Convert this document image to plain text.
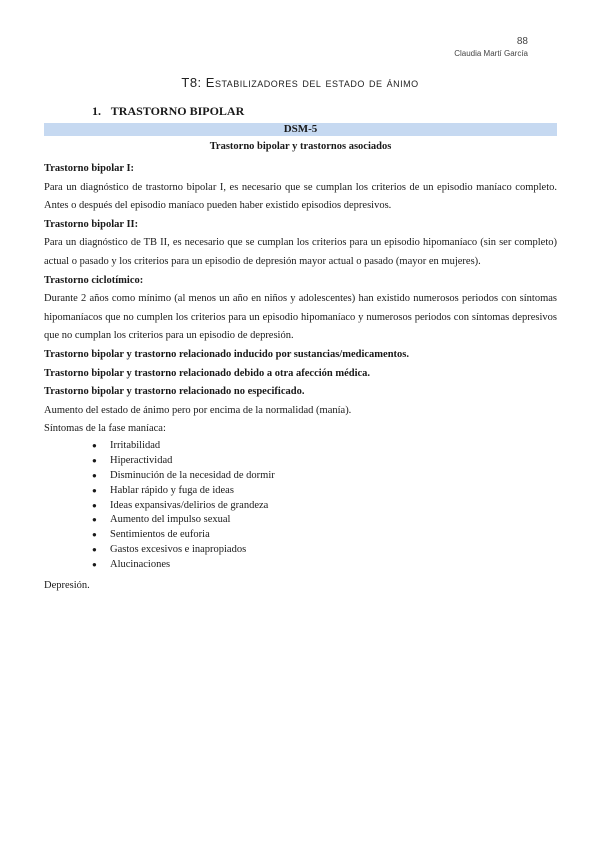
88
Claudia Martí García
T8: Estabilizadores del estado de ánimo
1. TRASTORNO BIPOLAR
DSM-5
Trastorno bipolar y trastornos asociados

Trastorno bipolar I:

Para un diagnóstico de trastorno bipolar I, es necesario que se cumplan los criterios de un episodio maníaco completo. Antes o después del episodio maníaco pueden haber existido episodios depresivos.

Trastorno bipolar II:

Para un diagnóstico de TB II, es necesario que se cumplan los criterios para un episodio hipomaníaco (sin ser completo) actual o pasado y los criterios para un episodio de depresión mayor actual o pasado (mayor en mujeres).

Trastorno ciclotímico:

Durante 2 años como mínimo (al menos un año en niños y adolescentes) han existido numerosos periodos con síntomas hipomaníacos que no cumplen los criterios para un episodio hipomaníaco y numerosos periodos con síntomas depresivos que no cumplan los criterios para un episodio de depresión.

Trastorno bipolar y trastorno relacionado inducido por sustancias/medicamentos.

Trastorno bipolar y trastorno relacionado debido a otra afección médica.

Trastorno bipolar y trastorno relacionado no especificado.

Aumento del estado de ánimo pero por encima de la normalidad (manía).

Síntomas de la fase maníaca:

● Irritabilidad
● Hiperactividad
● Disminución de la necesidad de dormir
● Hablar rápido y fuga de ideas
● Ideas expansivas/delirios de grandeza
● Aumento del impulso sexual
● Sentimientos de euforia
● Gastos excesivos e inapropiados
● Alucinaciones

Depresión.
